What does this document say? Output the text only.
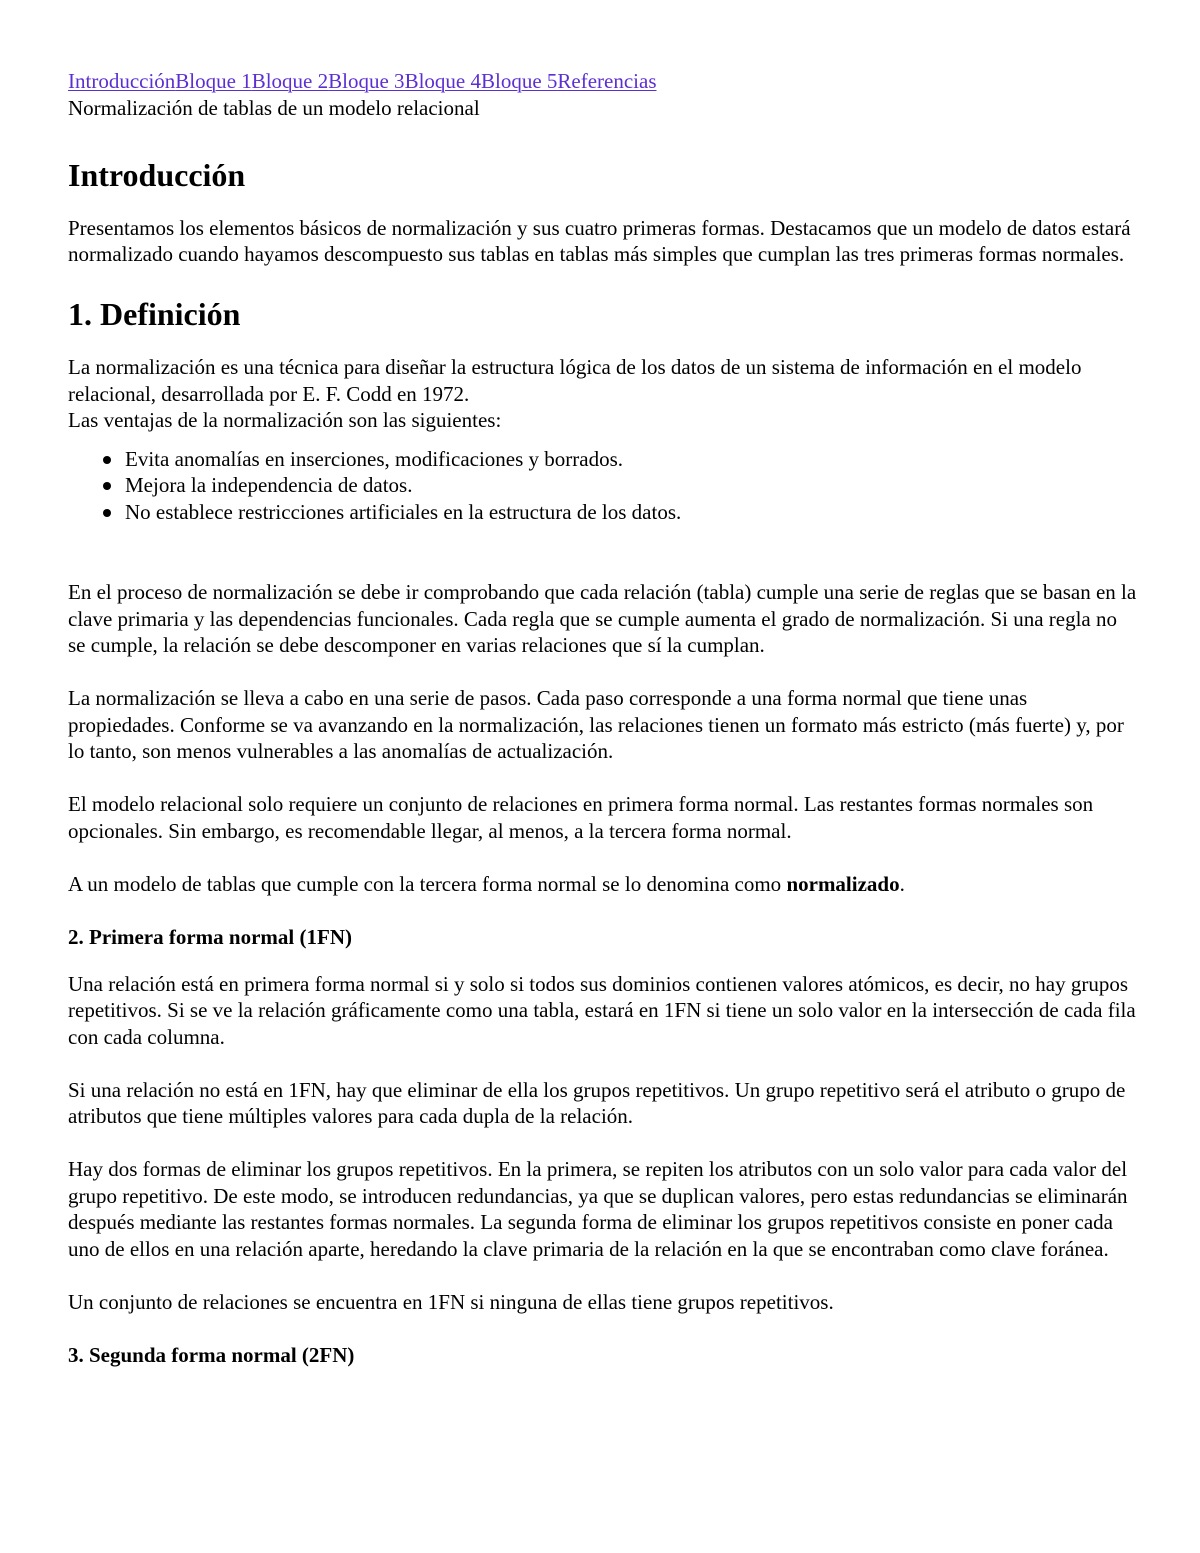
IntroducciónBloque 1Bloque 2Bloque 3Bloque 4Bloque 5Referencias
Normalización de tablas de un modelo relacional
Introducción

Presentamos los elementos básicos de normalización y sus cuatro primeras formas. Destacamos que un modelo de datos estará normalizado cuando hayamos descompuesto sus tablas en tablas más simples que cumplan las tres primeras formas normales.

1. Definición

La normalización es una técnica para diseñar la estructura lógica de los datos de un sistema de información en el modelo relacional, desarrollada por E. F. Codd en 1972.

Las ventajas de la normalización son las siguientes:

Evita anomalías en inserciones, modificaciones y borrados.
Mejora la independencia de datos.
No establece restricciones artificiales en la estructura de los datos.

En el proceso de normalización se debe ir comprobando que cada relación (tabla) cumple una serie de reglas que se basan en la clave primaria y las dependencias funcionales. Cada regla que se cumple aumenta el grado de normalización. Si una regla no se cumple, la relación se debe descomponer en varias relaciones que sí la cumplan.

La normalización se lleva a cabo en una serie de pasos. Cada paso corresponde a una forma normal que tiene unas propiedades. Conforme se va avanzando en la normalización, las relaciones tienen un formato más estricto (más fuerte) y, por lo tanto, son menos vulnerables a las anomalías de actualización.

El modelo relacional solo requiere un conjunto de relaciones en primera forma normal. Las restantes formas normales son opcionales. Sin embargo, es recomendable llegar, al menos, a la tercera forma normal.

A un modelo de tablas que cumple con la tercera forma normal se lo denomina como normalizado.

2. Primera forma normal (1FN)

Una relación está en primera forma normal si y solo si todos sus dominios contienen valores atómicos, es decir, no hay grupos repetitivos. Si se ve la relación gráficamente como una tabla, estará en 1FN si tiene un solo valor en la intersección de cada fila con cada columna.

Si una relación no está en 1FN, hay que eliminar de ella los grupos repetitivos. Un grupo repetitivo será el atributo o grupo de atributos que tiene múltiples valores para cada dupla de la relación.

Hay dos formas de eliminar los grupos repetitivos. En la primera, se repiten los atributos con un solo valor para cada valor del grupo repetitivo. De este modo, se introducen redundancias, ya que se duplican valores, pero estas redundancias se eliminarán después mediante las restantes formas normales. La segunda forma de eliminar los grupos repetitivos consiste en poner cada uno de ellos en una relación aparte, heredando la clave primaria de la relación en la que se encontraban como clave foránea.

Un conjunto de relaciones se encuentra en 1FN si ninguna de ellas tiene grupos repetitivos.

3. Segunda forma normal (2FN)
